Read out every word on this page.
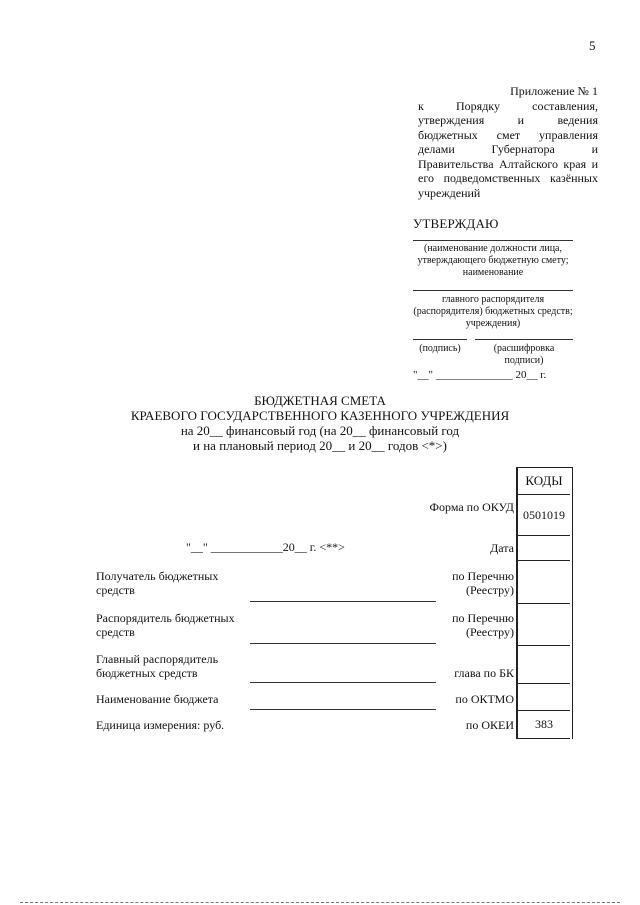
5
Приложение № 1
к Порядку составления, утверждения и ведения бюджетных смет управления делами Губернатора и Правительства Алтайского края и его подведомственных казённых учреждений
УТВЕРЖДАЮ
(наименование должности лица, утверждающего бюджетную смету; наименование
главного распорядителя (распорядителя) бюджетных средств; учреждения)
(подпись)	(расшифровка подписи)
"__" ______________ 20__ г.
БЮДЖЕТНАЯ СМЕТА
КРАЕВОГО ГОСУДАРСТВЕННОГО КАЗЕННОГО УЧРЕЖДЕНИЯ
на 20__ финансовый год (на 20__ финансовый год
и на плановый период 20__ и 20__ годов <*>)
КОДЫ
0501019
383
Форма по ОКУД
Дата
по Перечню (Реестру)
по Перечню (Реестру)
глава по БК
по ОКТМО
по ОКЕИ
"__" ____________20__ г. <**>
Получатель бюджетных средств
Распорядитель бюджетных средств
Главный распорядитель бюджетных средств
Наименование бюджета
Единица измерения: руб.
